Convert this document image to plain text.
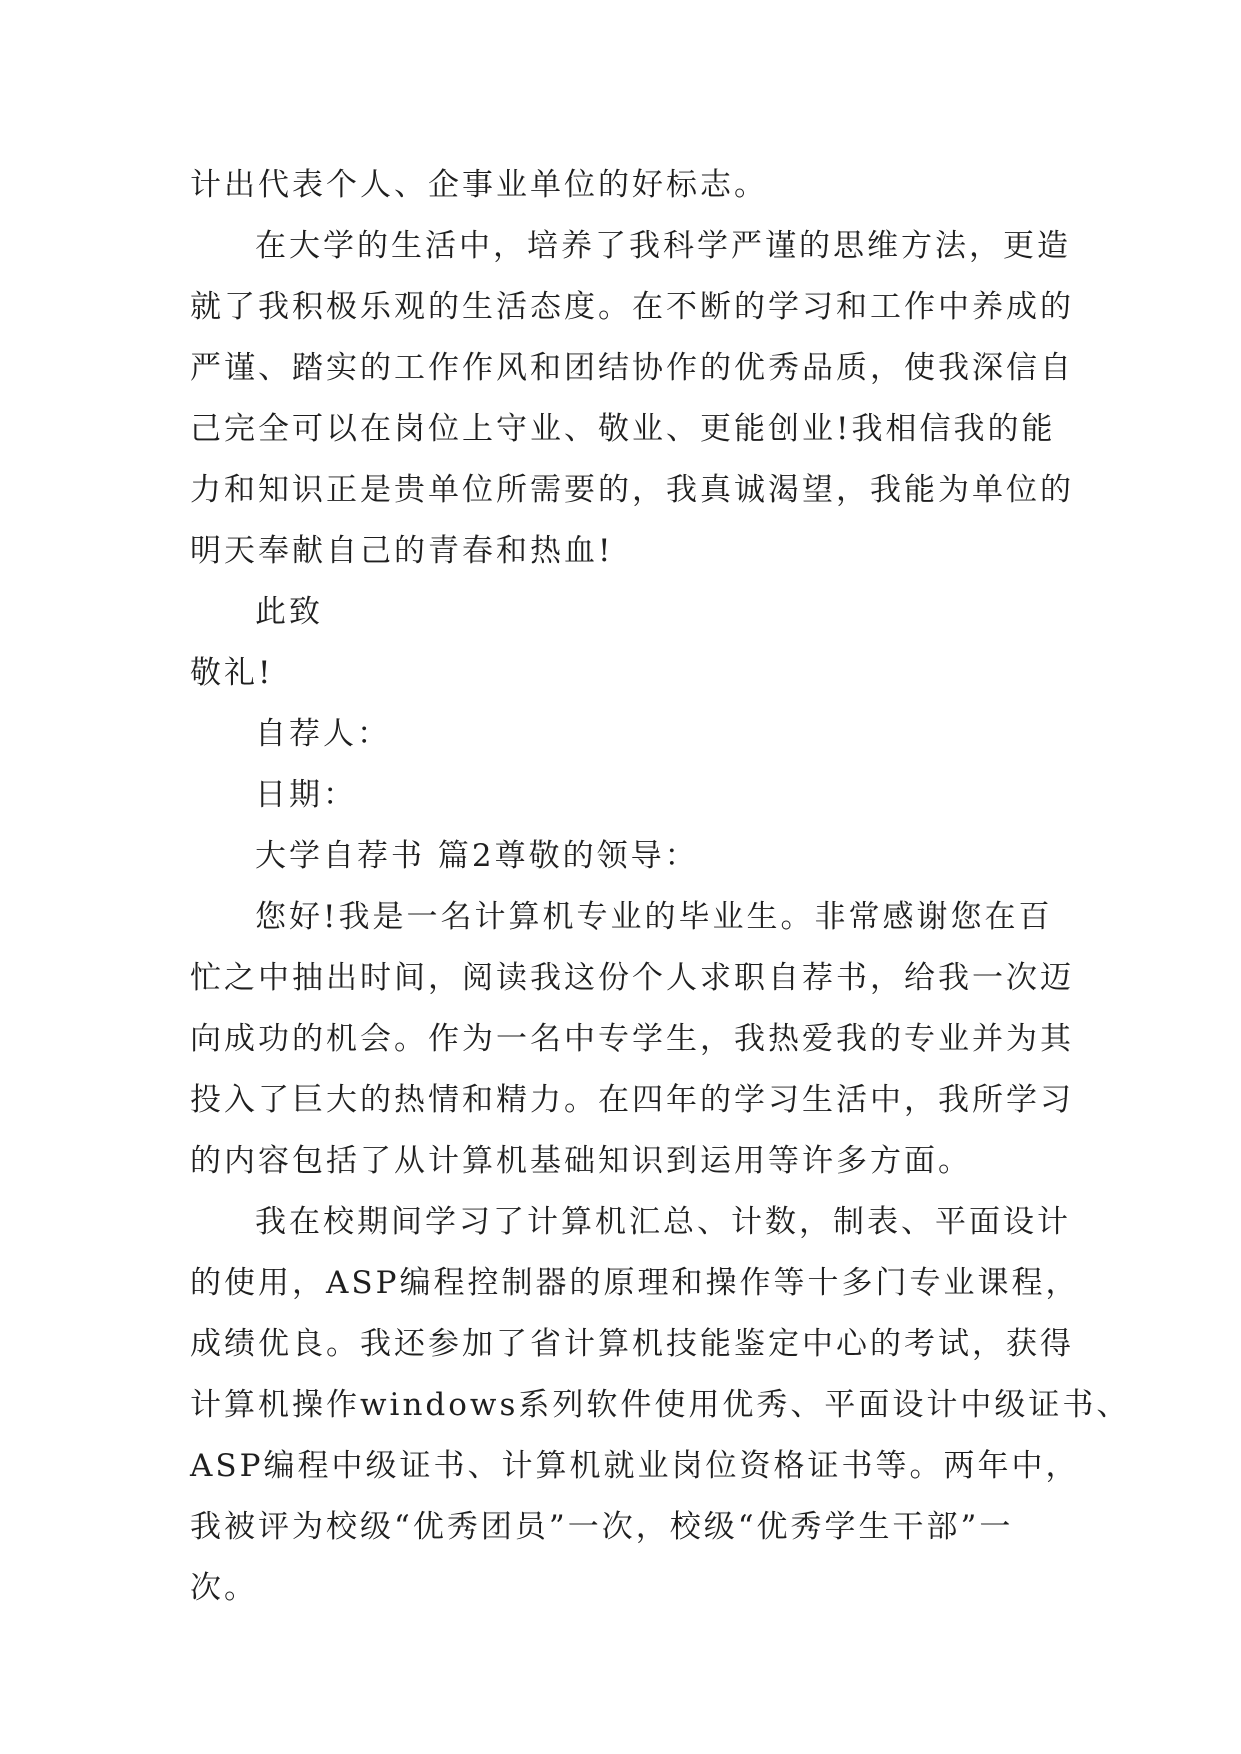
计出代表个人、企事业单位的好标志。

在大学的生活中，培养了我科学严谨的思维方法，更造
就了我积极乐观的生活态度。在不断的学习和工作中养成的
严谨、踏实的工作作风和团结协作的优秀品质，使我深信自
己完全可以在岗位上守业、敬业、更能创业!我相信我的能
力和知识正是贵单位所需要的，我真诚渴望，我能为单位的
明天奉献自己的青春和热血!

此致

敬礼!

自荐人：

日期：

大学自荐书 篇2尊敬的领导：

您好!我是一名计算机专业的毕业生。非常感谢您在百
忙之中抽出时间，阅读我这份个人求职自荐书，给我一次迈
向成功的机会。作为一名中专学生，我热爱我的专业并为其
投入了巨大的热情和精力。在四年的学习生活中，我所学习
的内容包括了从计算机基础知识到运用等许多方面。

我在校期间学习了计算机汇总、计数，制表、平面设计
的使用，ASP编程控制器的原理和操作等十多门专业课程，
成绩优良。我还参加了省计算机技能鉴定中心的考试，获得
计算机操作windows系列软件使用优秀、平面设计中级证书、
ASP编程中级证书、计算机就业岗位资格证书等。两年中，
我被评为校级“优秀团员”一次，校级“优秀学生干部”一
次。
